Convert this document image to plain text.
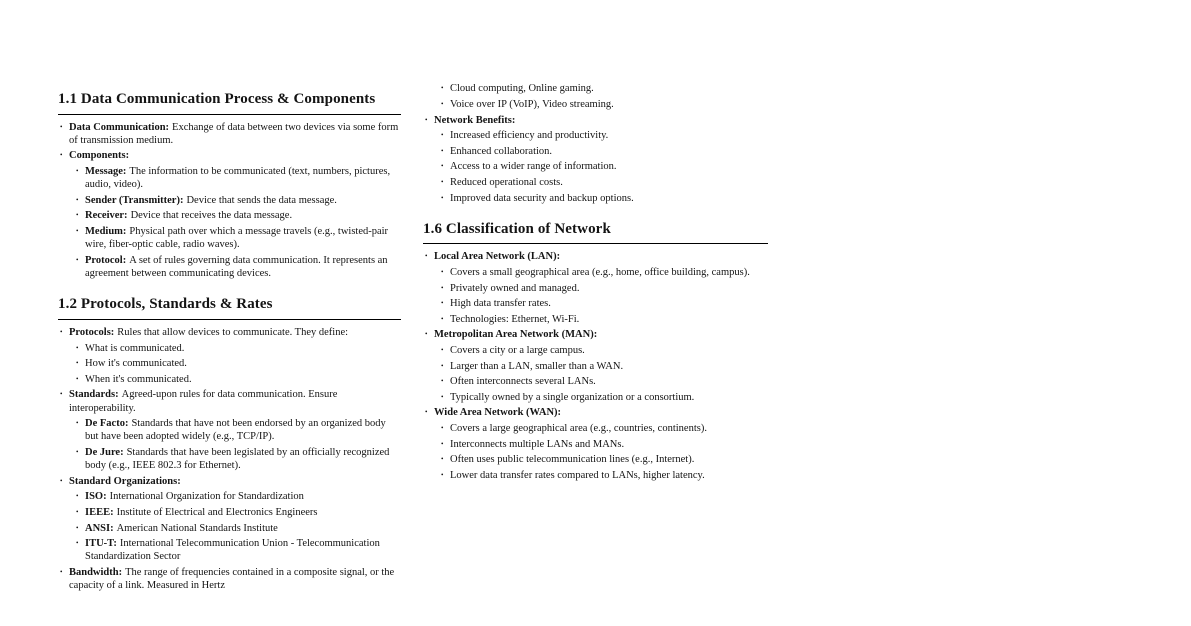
1.1 Data Communication Process & Components
• Data Communication: Exchange of data between two devices via some form of transmission medium.
• Components:
• Message: The information to be communicated (text, numbers, pictures, audio, video).
• Sender (Transmitter): Device that sends the data message.
• Receiver: Device that receives the data message.
• Medium: Physical path over which a message travels (e.g., twisted-pair wire, fiber-optic cable, radio waves).
• Protocol: A set of rules governing data communication. It represents an agreement between communicating devices.
1.2 Protocols, Standards & Rates
• Protocols: Rules that allow devices to communicate. They define:
• What is communicated.
• How it's communicated.
• When it's communicated.
• Standards: Agreed-upon rules for data communication. Ensure interoperability.
• De Facto: Standards that have not been endorsed by an organized body but have been adopted widely (e.g., TCP/IP).
• De Jure: Standards that have been legislated by an officially recognized body (e.g., IEEE 802.3 for Ethernet).
• Standard Organizations:
• ISO: International Organization for Standardization
• IEEE: Institute of Electrical and Electronics Engineers
• ANSI: American National Standards Institute
• ITU-T: International Telecommunication Union - Telecommunication Standardization Sector
• Bandwidth: The range of frequencies contained in a composite signal, or the capacity of a link. Measured in Hertz
• Cloud computing, Online gaming.
• Voice over IP (VoIP), Video streaming.
• Network Benefits:
• Increased efficiency and productivity.
• Enhanced collaboration.
• Access to a wider range of information.
• Reduced operational costs.
• Improved data security and backup options.
1.6 Classification of Network
• Local Area Network (LAN):
• Covers a small geographical area (e.g., home, office building, campus).
• Privately owned and managed.
• High data transfer rates.
• Technologies: Ethernet, Wi-Fi.
• Metropolitan Area Network (MAN):
• Covers a city or a large campus.
• Larger than a LAN, smaller than a WAN.
• Often interconnects several LANs.
• Typically owned by a single organization or a consortium.
• Wide Area Network (WAN):
• Covers a large geographical area (e.g., countries, continents).
• Interconnects multiple LANs and MANs.
• Often uses public telecommunication lines (e.g., Internet).
• Lower data transfer rates compared to LANs, higher latency.
